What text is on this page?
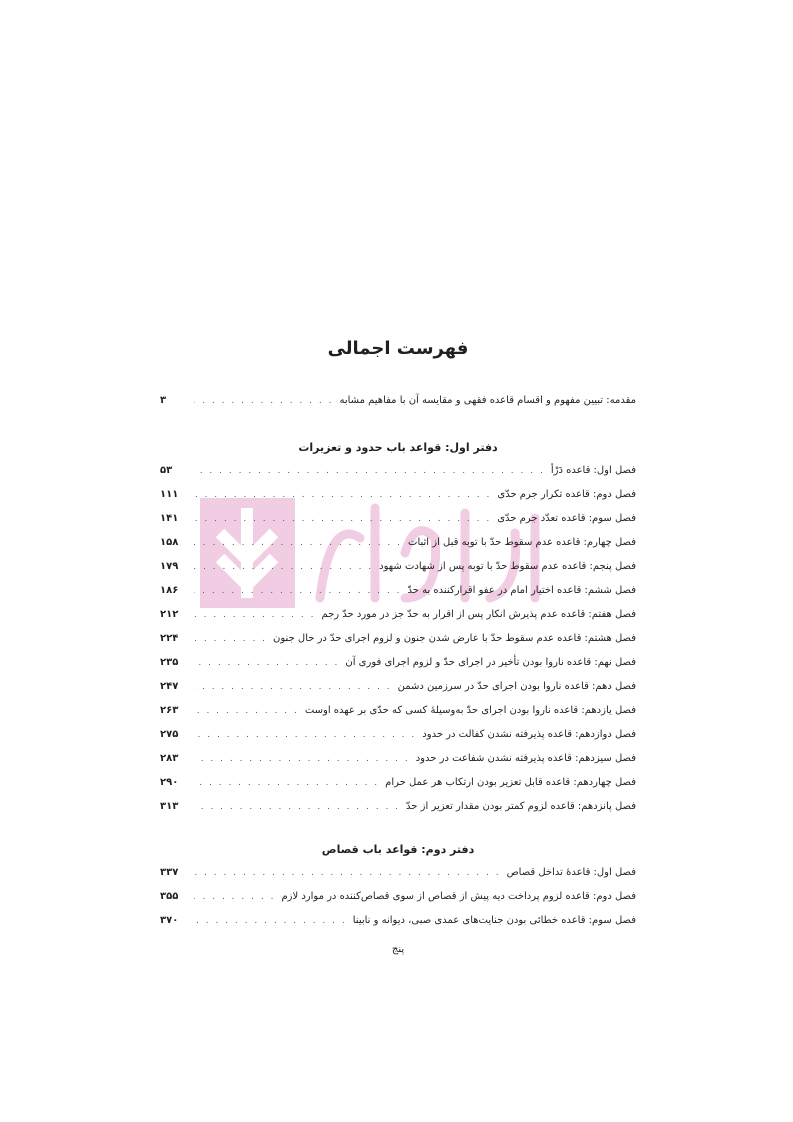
فهرست اجمالی
مقدمه: تبیین مفهوم و اقسام قاعده فقهی و مقایسه آن با مفاهیم مشابه
. . .
۳
دفتر اول: قواعد باب حدود و تعزیرات
فصل اول: قاعده دَرْأ
. . .
۵۳
فصل دوم: قاعده تکرار جرم حدّی
. . .
۱۱۱
فصل سوم: قاعده تعدّد جرم حدّی
. . .
۱۴۱
فصل چهارم: قاعده عدم سقوط حدّ با توبه قبل از اثبات
. . .
۱۵۸
فصل پنجم: قاعده عدم سقوط حدّ با توبه پس از شهادت شهود
. . .
۱۷۹
فصل ششم: قاعده اختیار امام در عفو اقرارکننده به حدّ
. . .
۱۸۶
فصل هفتم: قاعده عدم پذیرش انکار پس از اقرار به حدّ جز در مورد حدّ رجم
. . .
۲۱۲
فصل هشتم: قاعده عدم سقوط حدّ با عارض شدن جنون و لزوم اجرای حدّ در حال جنون
. . .
۲۲۴
فصل نهم: قاعده ناروا بودن تأخیر در اجرای حدّ و لزوم اجرای فوری آن
. . .
۲۳۵
فصل دهم: قاعده ناروا بودن اجرای حدّ در سرزمین دشمن
. . .
۲۴۷
فصل یازدهم: قاعده ناروا بودن اجرای حدّ به‌وسیلهٔ کسی که حدّی بر عهده اوست
. . .
۲۶۳
فصل دوازدهم: قاعده پذیرفته نشدن کفالت در حدود
. . .
۲۷۵
فصل سیزدهم: قاعده پذیرفته نشدن شفاعت در حدود
. . .
۲۸۳
فصل چهاردهم: قاعده قابل تعزیر بودن ارتکاب هر عمل حرام
. . .
۲۹۰
فصل پانزدهم: قاعده لزوم کمتر بودن مقدار تعزیر از حدّ
. . .
۳۱۳
دفتر دوم: قواعد باب قصاص
فصل اول: قاعدهٔ تداخل قصاص
. . .
۳۳۷
فصل دوم: قاعده لزوم پرداخت دیه پیش از قصاص از سوی قصاص‌کننده در موارد لازم
. . .
۳۵۵
فصل سوم: قاعده خطائی بودن جنایت‌های عمدی صبی، دیوانه و نابینا
. . .
۳۷۰
پنج
